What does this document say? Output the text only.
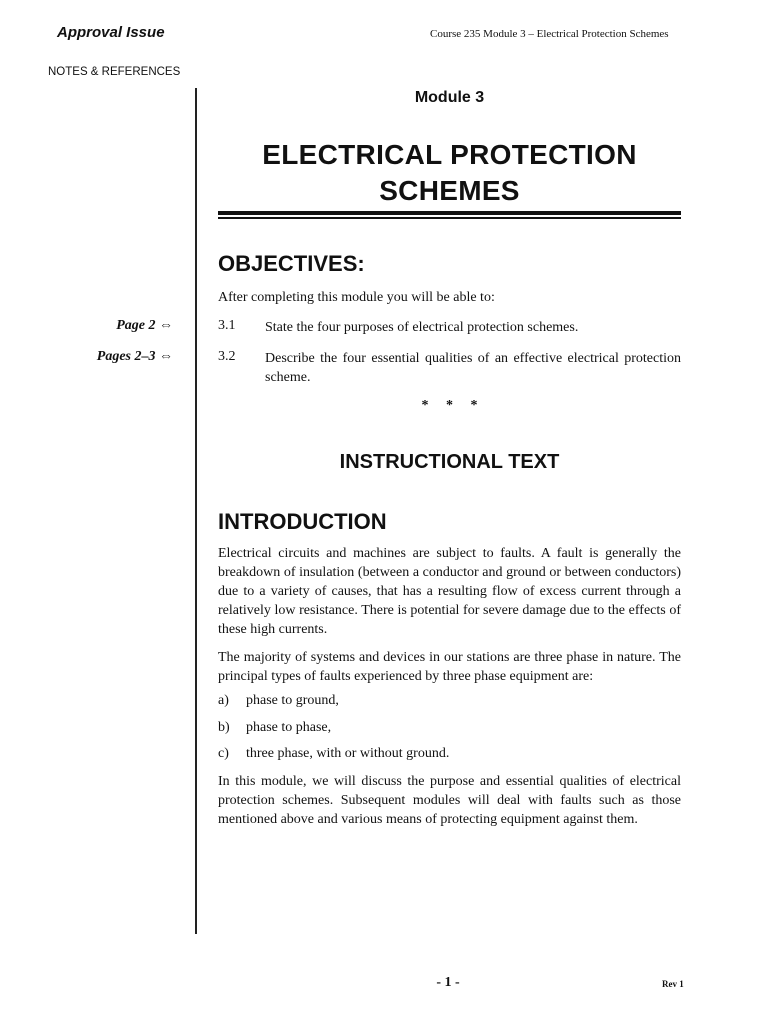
Approval Issue	Course 235 Module 3 – Electrical Protection Schemes
NOTES & REFERENCES
Module 3
ELECTRICAL PROTECTION
SCHEMES
OBJECTIVES:
After completing this module you will be able to:
Page 2 ⇔	3.1 State the four purposes of electrical protection schemes.
Pages 2–3 ⇔	3.2 Describe the four essential qualities of an effective electrical protection scheme.
* * *
INSTRUCTIONAL TEXT
INTRODUCTION
Electrical circuits and machines are subject to faults. A fault is generally the breakdown of insulation (between a conductor and ground or between conductors) due to a variety of causes, that has a resulting flow of excess current through a relatively low resistance. There is potential for severe damage due to the effects of these high currents.
The majority of systems and devices in our stations are three phase in nature. The principal types of faults experienced by three phase equipment are:
a) phase to ground,
b) phase to phase,
c) three phase, with or without ground.
In this module, we will discuss the purpose and essential qualities of electrical protection schemes. Subsequent modules will deal with faults such as those mentioned above and various means of protecting equipment against them.
- 1 -	Rev 1
